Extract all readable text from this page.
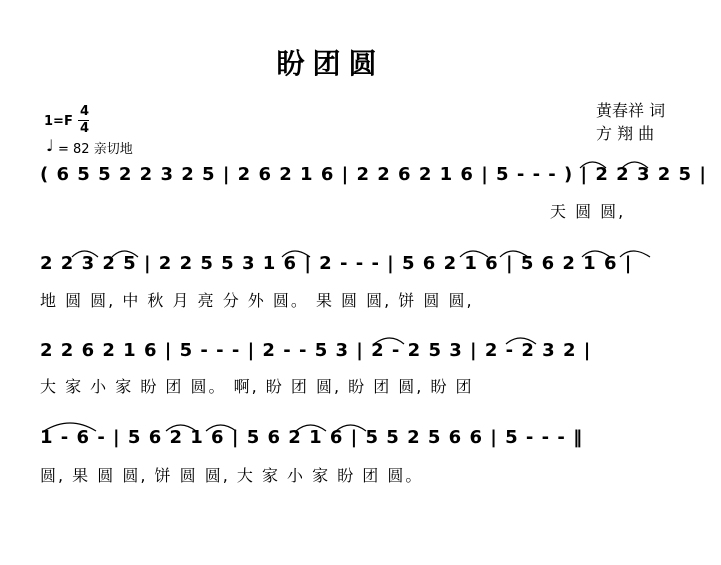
盼团圆
黄春祥 词
方 翔 曲
1=F
4
4
♩ = 82 亲切地
( 6 5 5 2 2 3 2 5 | 2 6 2 1 6 | 2 2 6 2 1 6 | 5 - - - ) | 2 2 3 2 5 |
天 圆 圆,
2 2 3 2 5 | 2 2 5 5 3 1 6 | 2 - - - | 5 6 2 1 6 | 5 6 2 1 6 |
地 圆 圆, 中 秋 月 亮 分 外 圆。 果 圆 圆, 饼 圆 圆,
2 2 6 2 1 6 | 5 - - - | 2 - - 5 3 | 2 - 2 5 3 | 2 - 2 3 2 |
大 家 小 家 盼 团 圆。 啊, 盼 团 圆, 盼 团 圆, 盼 团
1 - 6 - | 5 6 2 1 6 | 5 6 2 1 6 | 5 5 2 5 6 6 | 5 - - - ‖
圆, 果 圆 圆, 饼 圆 圆, 大 家 小 家 盼 团 圆。
